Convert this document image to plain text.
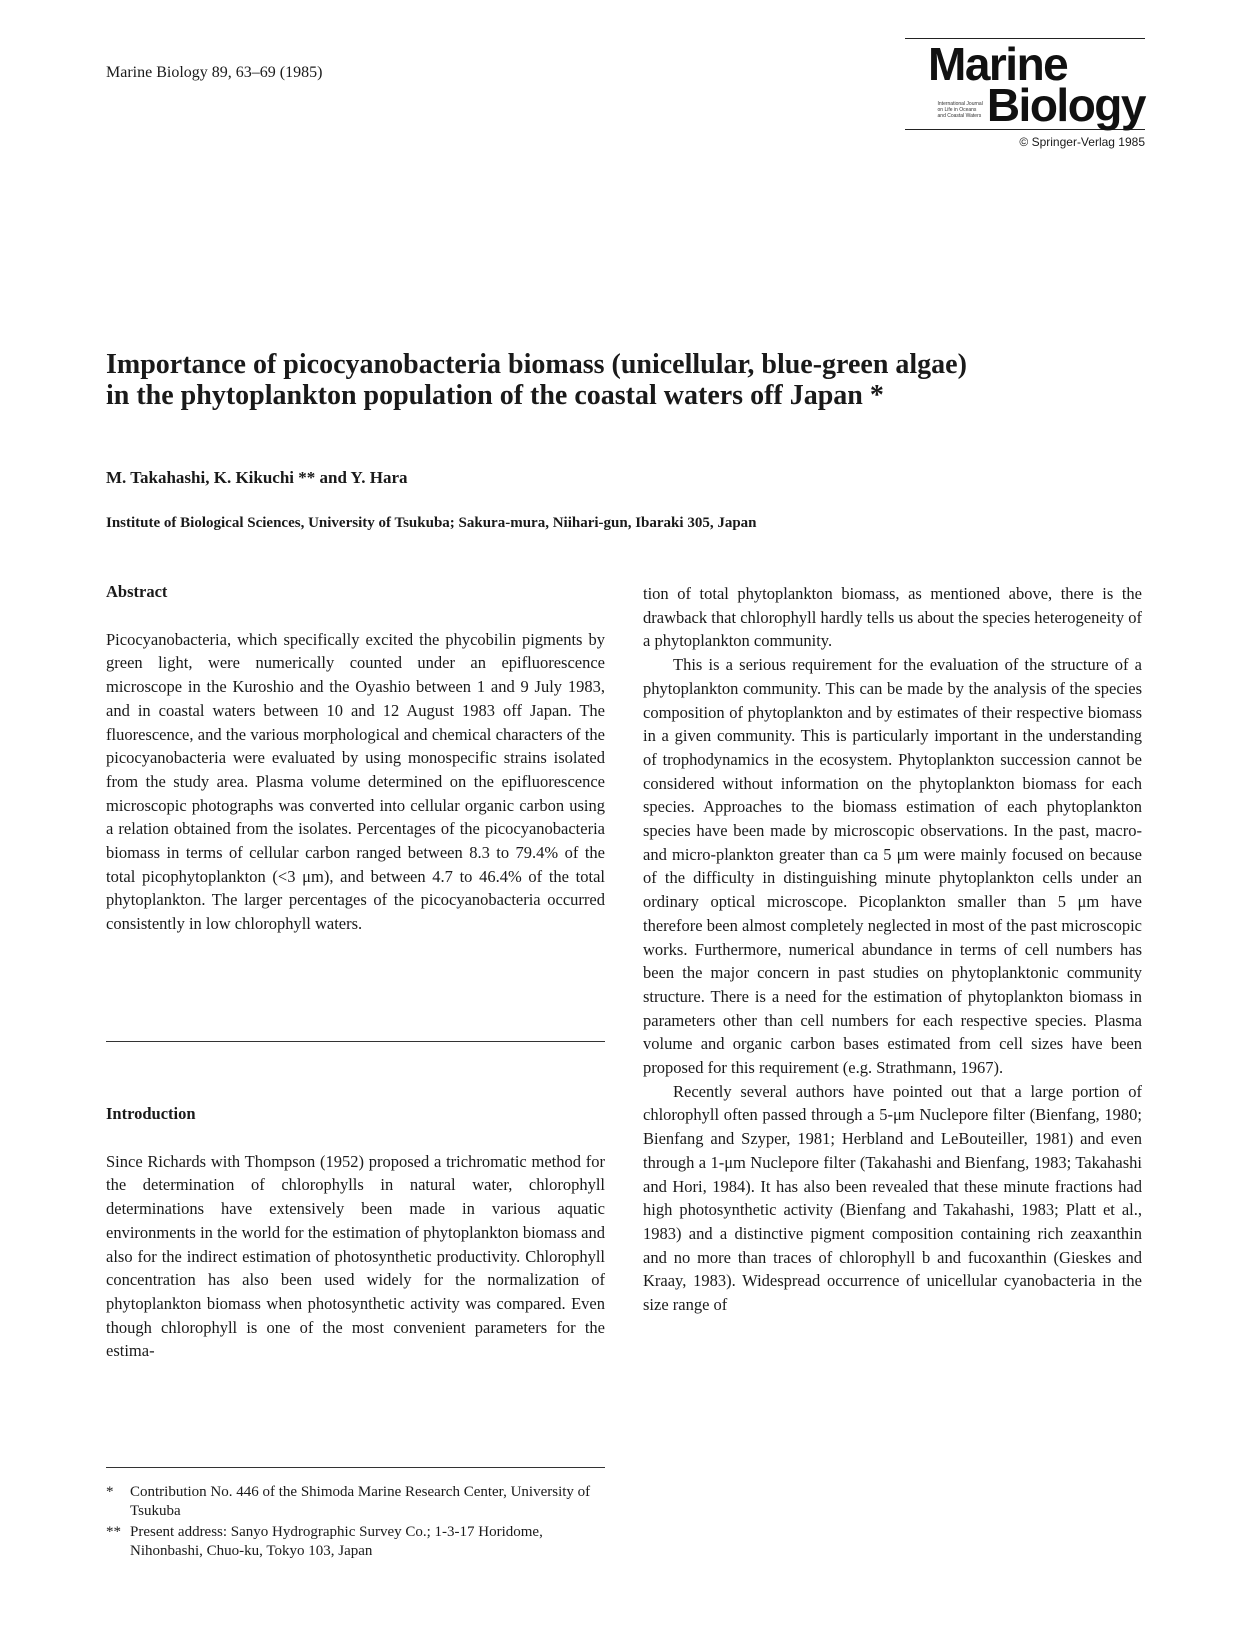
Marine Biology 89, 63–69 (1985)	Marine
International Journal
on Life in Oceans
and Coastal Waters Biology
© Springer-Verlag 1985
Importance of picocyanobacteria biomass (unicellular, blue-green algae)
in the phytoplankton population of the coastal waters off Japan *
M. Takahashi, K. Kikuchi ** and Y. Hara
Institute of Biological Sciences, University of Tsukuba; Sakura-mura, Niihari-gun, Ibaraki 305, Japan
Abstract

Picocyanobacteria, which specifically excited the phycobilin pigments by green light, were numerically counted under an epifluorescence microscope in the Kuroshio and the Oyashio between 1 and 9 July 1983, and in coastal waters between 10 and 12 August 1983 off Japan. The fluorescence, and the various morphological and chemical characters of the picocyanobacteria were evaluated by using monospecific strains isolated from the study area. Plasma volume determined on the epifluorescence microscopic photographs was converted into cellular organic carbon using a relation obtained from the isolates. Percentages of the picocyanobacteria biomass in terms of cellular carbon ranged between 8.3 to 79.4% of the total picophytoplankton (<3 μm), and between 4.7 to 46.4% of the total phytoplankton. The larger percentages of the picocyanobacteria occurred consistently in low chlorophyll waters.

Introduction

Since Richards with Thompson (1952) proposed a trichromatic method for the determination of chlorophylls in natural water, chlorophyll determinations have extensively been made in various aquatic environments in the world for the estimation of phytoplankton biomass and also for the indirect estimation of photosynthetic productivity. Chlorophyll concentration has also been used widely for the normalization of phytoplankton biomass when photosynthetic activity was compared. Even though chlorophyll is one of the most convenient parameters for the estima-

*	Contribution No. 446 of the Shimoda Marine Research Center, University of Tsukuba
** Present address: Sanyo Hydrographic Survey Co.; 1-3-17 Horidome, Nihonbashi, Chuo-ku, Tokyo 103, Japan

tion of total phytoplankton biomass, as mentioned above, there is the drawback that chlorophyll hardly tells us about the species heterogeneity of a phytoplankton community.

This is a serious requirement for the evaluation of the structure of a phytoplankton community. This can be made by the analysis of the species composition of phytoplankton and by estimates of their respective biomass in a given community. This is particularly important in the understanding of trophodynamics in the ecosystem. Phytoplankton succession cannot be considered without information on the phytoplankton biomass for each species. Approaches to the biomass estimation of each phytoplankton species have been made by microscopic observations. In the past, macro- and micro-plankton greater than ca 5 μm were mainly focused on because of the difficulty in distinguishing minute phytoplankton cells under an ordinary optical microscope. Picoplankton smaller than 5 μm have therefore been almost completely neglected in most of the past microscopic works. Furthermore, numerical abundance in terms of cell numbers has been the major concern in past studies on phytoplanktonic community structure. There is a need for the estimation of phytoplankton biomass in parameters other than cell numbers for each respective species. Plasma volume and organic carbon bases estimated from cell sizes have been proposed for this requirement (e.g. Strathmann, 1967).

Recently several authors have pointed out that a large portion of chlorophyll often passed through a 5-μm Nuclepore filter (Bienfang, 1980; Bienfang and Szyper, 1981; Herbland and LeBouteiller, 1981) and even through a 1-μm Nuclepore filter (Takahashi and Bienfang, 1983; Takahashi and Hori, 1984). It has also been revealed that these minute fractions had high photosynthetic activity (Bienfang and Takahashi, 1983; Platt et al., 1983) and a distinctive pigment composition containing rich zeaxanthin and no more than traces of chlorophyll b and fucoxanthin (Gieskes and Kraay, 1983). Widespread occurrence of unicellular cyanobacteria in the size range of
